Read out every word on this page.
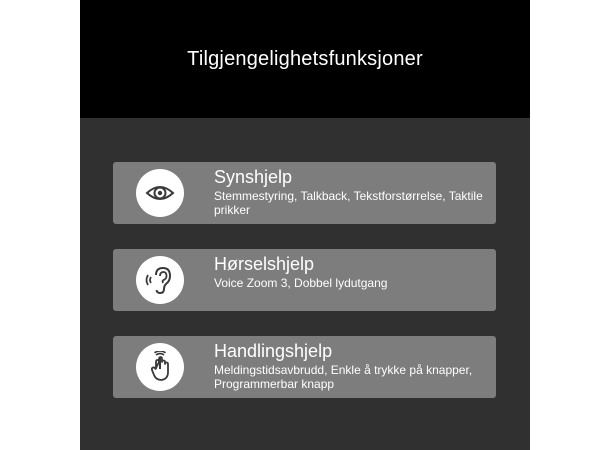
Tilgjengelighetsfunksjoner
Synshjelp
Stemmestyring, Talkback, Tekstforstørrelse, Taktile prikker
Hørselshjelp
Voice Zoom 3, Dobbel lydutgang
Handlingshjelp
Meldingstidsavbrudd, Enkle å trykke på knapper, Programmerbar knapp
